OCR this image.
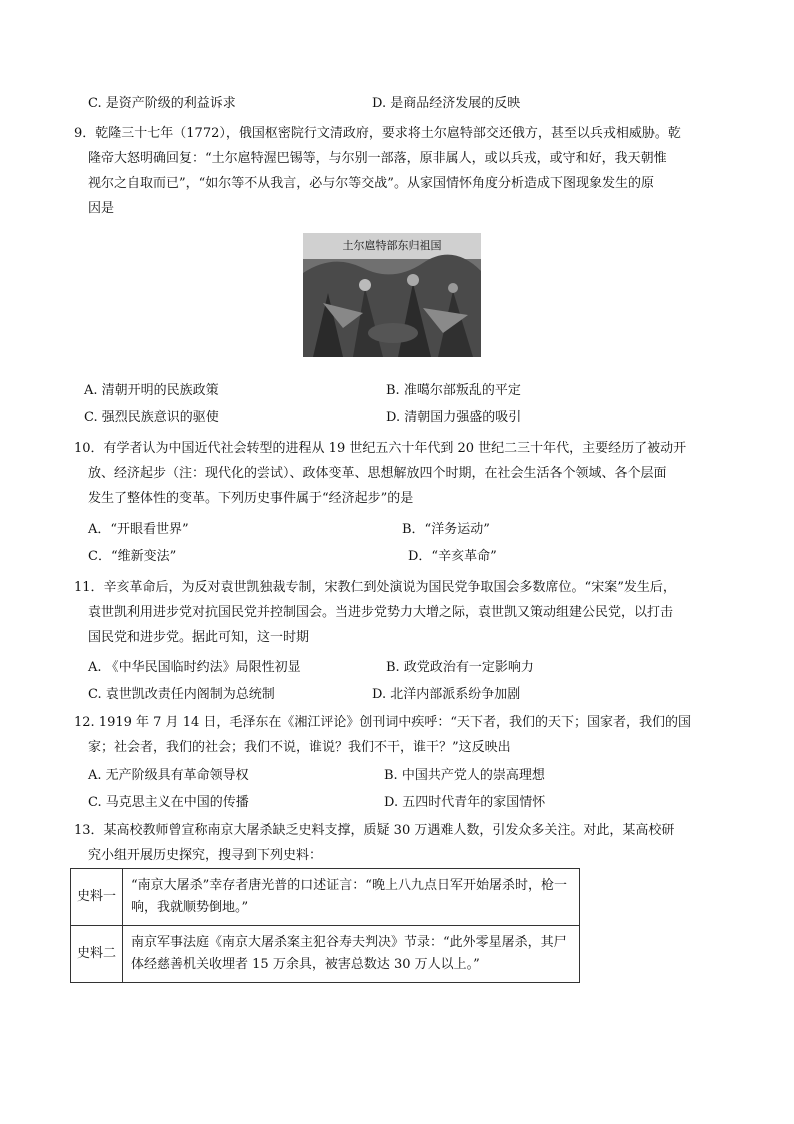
C. 是资产阶级的利益诉求	D. 是商品经济发展的反映
9．乾隆三十七年（1772），俄国枢密院行文清政府，要求将土尔扈特部交还俄方，甚至以兵戎相威胁。乾
隆帝大怒明确回复：“土尔扈特渥巴锡等，与尔别一部落，原非属人，或以兵戎，或守和好，我天朝惟
视尔之自取而已”，“如尔等不从我言，必与尔等交战”。从家国情怀角度分析造成下图现象发生的原
因是
土尔扈特部东归祖国
A. 清朝开明的民族政策	B. 准噶尔部叛乱的平定
C. 强烈民族意识的驱使	D. 清朝国力强盛的吸引
10．有学者认为中国近代社会转型的进程从 19 世纪五六十年代到 20 世纪二三十年代，主要经历了被动开
放、经济起步（注：现代化的尝试）、政体变革、思想解放四个时期，在社会生活各个领域、各个层面
发生了整体性的变革。下列历史事件属于“经济起步”的是
A．“开眼看世界”	B．“洋务运动”
C．“维新变法”	D．“辛亥革命”
11．辛亥革命后，为反对袁世凯独裁专制，宋教仁到处演说为国民党争取国会多数席位。“宋案”发生后，
袁世凯利用进步党对抗国民党并控制国会。当进步党势力大增之际，袁世凯又策动组建公民党，以打击
国民党和进步党。据此可知，这一时期
A. 《中华民国临时约法》局限性初显	B. 政党政治有一定影响力
C. 袁世凯改责任内阁制为总统制	D. 北洋内部派系纷争加剧
12. 1919 年 7 月 14 日，毛泽东在《湘江评论》创刊词中疾呼：“天下者，我们的天下；国家者，我们的国
家；社会者，我们的社会；我们不说，谁说？我们不干，谁干？”这反映出
A. 无产阶级具有革命领导权	B. 中国共产党人的崇高理想
C. 马克思主义在中国的传播	D. 五四时代青年的家国情怀
13．某高校教师曾宣称南京大屠杀缺乏史料支撑，质疑 30 万遇难人数，引发众多关注。对此，某高校研
究小组开展历史探究，搜寻到下列史料：
史料一	“南京大屠杀”幸存者唐光普的口述证言：“晚上八九点日军开始屠杀时，枪一响，我就顺势倒地。”
史料二	南京军事法庭《南京大屠杀案主犯谷寿夫判决》节录：“此外零星屠杀，其尸体经慈善机关收埋者 15 万余具，被害总数达 30 万人以上。”
